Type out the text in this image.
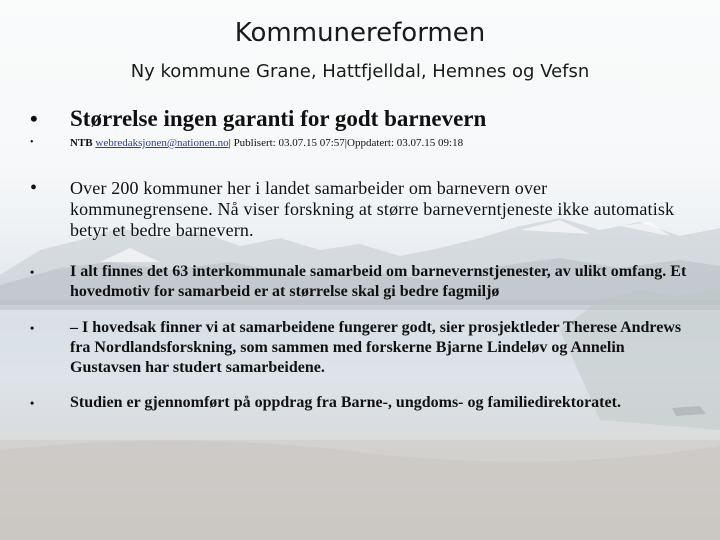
Kommunereformen
Ny kommune Grane, Hattfjelldal, Hemnes og Vefsn
• Størrelse ingen garanti for godt barnevern
•	NTB webredaksjonen@nationen.no| Publisert: 03.07.15 07:57|Oppdatert: 03.07.15 09:18
• Over 200 kommuner her i landet samarbeider om barnevern over kommunegrensene. Nå viser forskning at større barneverntjeneste ikke automatisk betyr et bedre barnevern.
• I alt finnes det 63 interkommunale samarbeid om barnevernstjenester, av ulikt omfang. Et hovedmotiv for samarbeid er at størrelse skal gi bedre fagmiljø
• – I hovedsak finner vi at samarbeidene fungerer godt, sier prosjektleder Therese Andrews fra Nordlandsforskning, som sammen med forskerne Bjarne Lindeløv og Annelin Gustavsen har studert samarbeidene.
• Studien er gjennomført på oppdrag fra Barne-, ungdoms- og familiedirektoratet.
